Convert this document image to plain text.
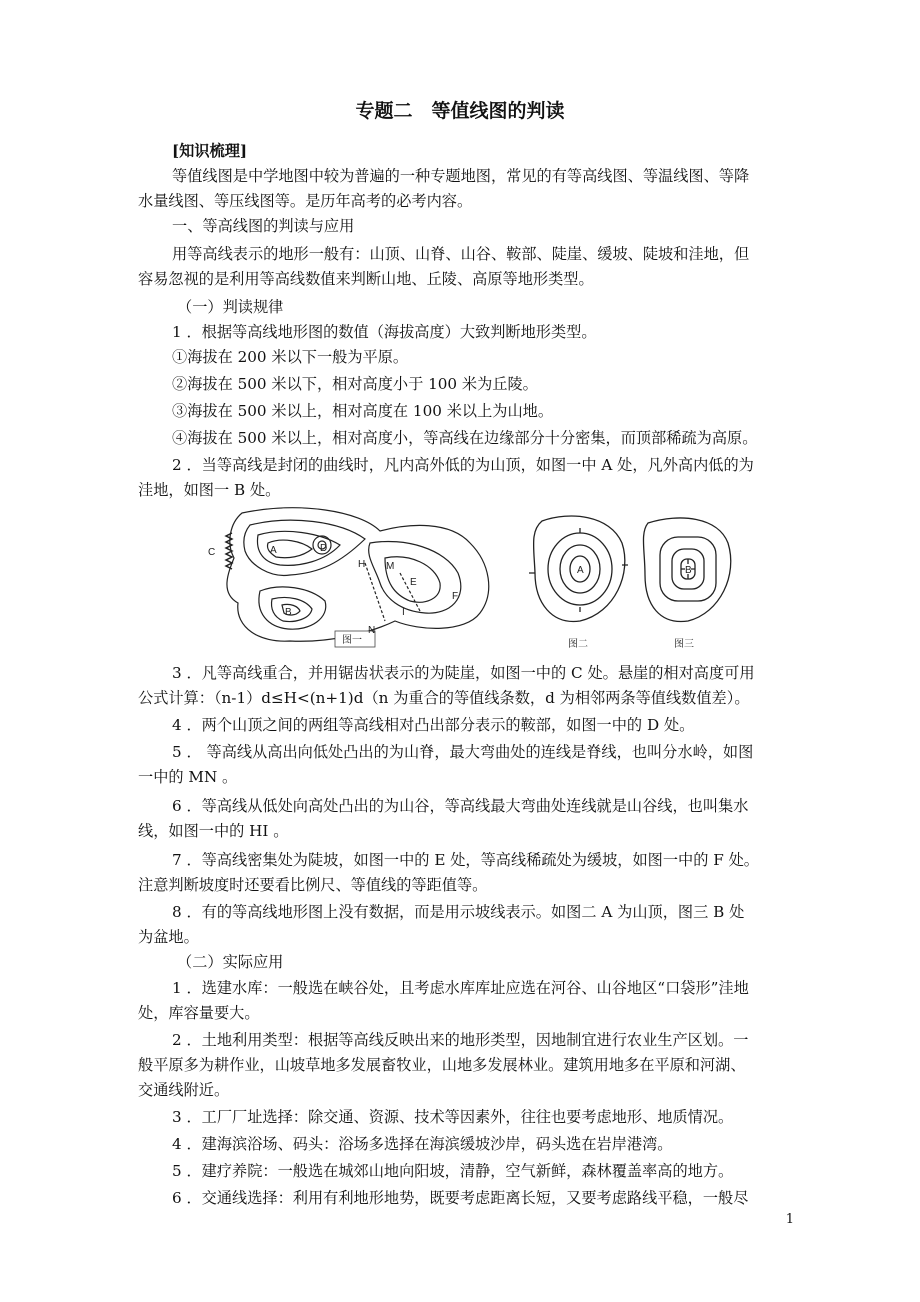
专题二　等值线图的判读
[知识梳理]
等值线图是中学地图中较为普遍的一种专题地图，常见的有等高线图、等温线图、等降
水量线图、等压线图等。是历年高考的必考内容。
一、等高线图的判读与应用
用等高线表示的地形一般有：山顶、山脊、山谷、鞍部、陡崖、缓坡、陡坡和洼地，但
容易忽视的是利用等高线数值来判断山地、丘陵、高原等地形类型。
（一）判读规律
1 ．根据等高线地形图的数值（海拔高度）大致判断地形类型。
①海拔在 200 米以下一般为平原。
②海拔在 500 米以下，相对高度小于 100 米为丘陵。
③海拔在 500 米以上，相对高度在 100 米以上为山地。
④海拔在 500 米以上，相对高度小，等高线在边缘部分十分密集，而顶部稀疏为高原。
2 ．当等高线是封闭的曲线时，凡内高外低的为山顶，如图一中 A 处，凡外高内低的为
洼地，如图一 B 处。
C	A	D
B
H
N
M
I
E
F
图一
A
图二
B
图三
3 ．凡等高线重合，并用锯齿状表示的为陡崖，如图一中的 C 处。悬崖的相对高度可用
公式计算：（n-1）d≤H<(n+1)d（n 为重合的等值线条数，d 为相邻两条等值线数值差）。
4 ．两个山顶之间的两组等高线相对凸出部分表示的鞍部，如图一中的 D 处。
5 ． 等高线从高出向低处凸出的为山脊，最大弯曲处的连线是脊线，也叫分水岭，如图
一中的 MN 。
6 ．等高线从低处向高处凸出的为山谷，等高线最大弯曲处连线就是山谷线，也叫集水
线，如图一中的 HI 。
7 ．等高线密集处为陡坡，如图一中的 E 处，等高线稀疏处为缓坡，如图一中的 F 处。
注意判断坡度时还要看比例尺、等值线的等距值等。
8 ．有的等高线地形图上没有数据，而是用示坡线表示。如图二 A 为山顶，图三 B 处
为盆地。
（二）实际应用
1 ．选建水库：一般选在峡谷处，且考虑水库库址应选在河谷、山谷地区“口袋形”洼地
处，库容量要大。
2 ．土地利用类型：根据等高线反映出来的地形类型，因地制宜进行农业生产区划。一
般平原多为耕作业，山坡草地多发展畜牧业，山地多发展林业。建筑用地多在平原和河湖、
交通线附近。
3 ．工厂厂址选择：除交通、资源、技术等因素外，往往也要考虑地形、地质情况。
4 ．建海滨浴场、码头：浴场多选择在海滨缓坡沙岸，码头选在岩岸港湾。
5 ．建疗养院：一般选在城郊山地向阳坡，清静，空气新鲜，森林覆盖率高的地方。
6 ．交通线选择：利用有利地形地势，既要考虑距离长短，又要考虑路线平稳，一般尽
1
